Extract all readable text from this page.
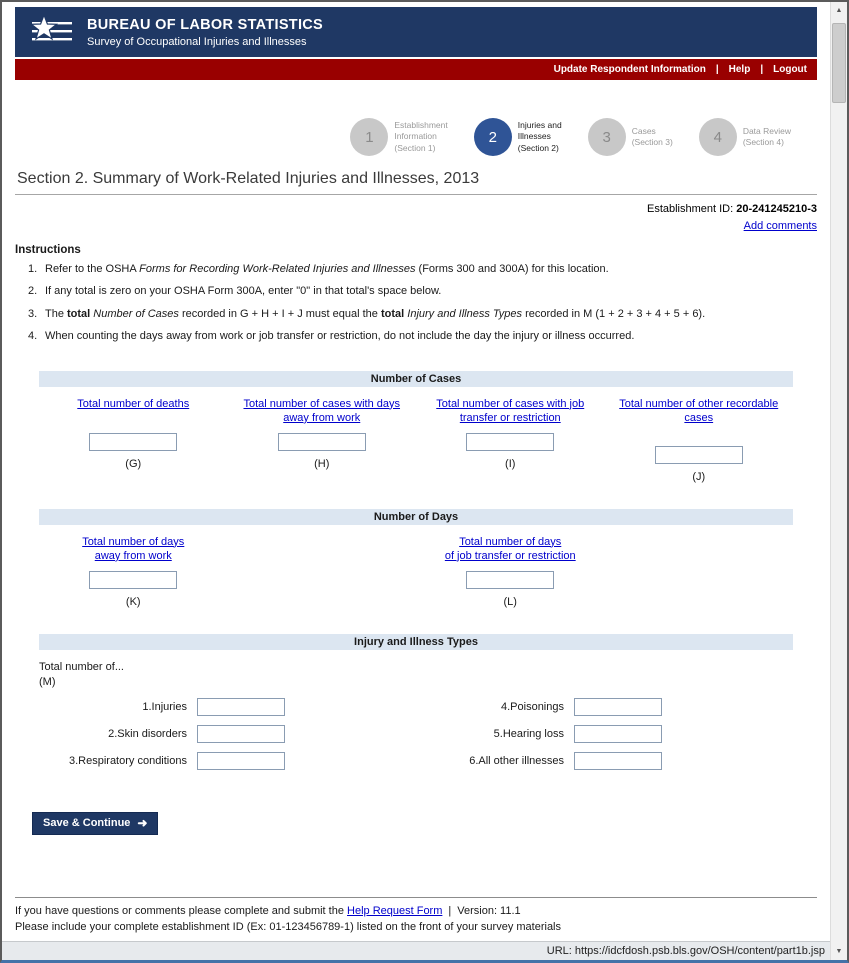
BUREAU OF LABOR STATISTICS
Survey of Occupational Injuries and Illnesses
Update Respondent Information | Help | Logout
1
Establishment
Information
(Section 1)
2
Injuries and
Illnesses
(Section 2)
3	Cases
(Section 3)	4	Data Review
(Section 4)
Section 2. Summary of Work-Related Injuries and Illnesses, 2013
Establishment ID: 20-241245210-3
Add comments
Instructions
1. Refer to the OSHA Forms for Recording Work-Related Injuries and Illnesses (Forms 300 and 300A) for this location.
2. If any total is zero on your OSHA Form 300A, enter "0" in that total's space below.
3. The total Number of Cases recorded in G + H + I + J must equal the total Injury and Illness Types recorded in M (1 + 2 + 3 + 4 + 5 + 6).
4. When counting the days away from work or job transfer or restriction, do not include the day the injury or illness occurred.
Number of Cases
Total number of deaths
(G)
Total number of cases with days
away from work
(H)
Total number of cases with job
transfer or restriction
(I)
Total number of other recordable
cases
(J)
Number of Days
Total number of days
away from work
(K)
Total number of days
of job transfer or restriction
(L)
Injury and Illness Types
Total number of...
(M)
1.Injuries
2.Skin disorders
3.Respiratory conditions
4.Poisonings
5.Hearing loss
6.All other illnesses
Save & Continue ➜
If you have questions or comments please complete and submit the Help Request Form | Version: 11.1
Please include your complete establishment ID (Ex: 01-123456789-1) listed on the front of your survey materials
URL: https://idcfdosh.psb.bls.gov/OSH/content/part1b.jsp
▲
▼
